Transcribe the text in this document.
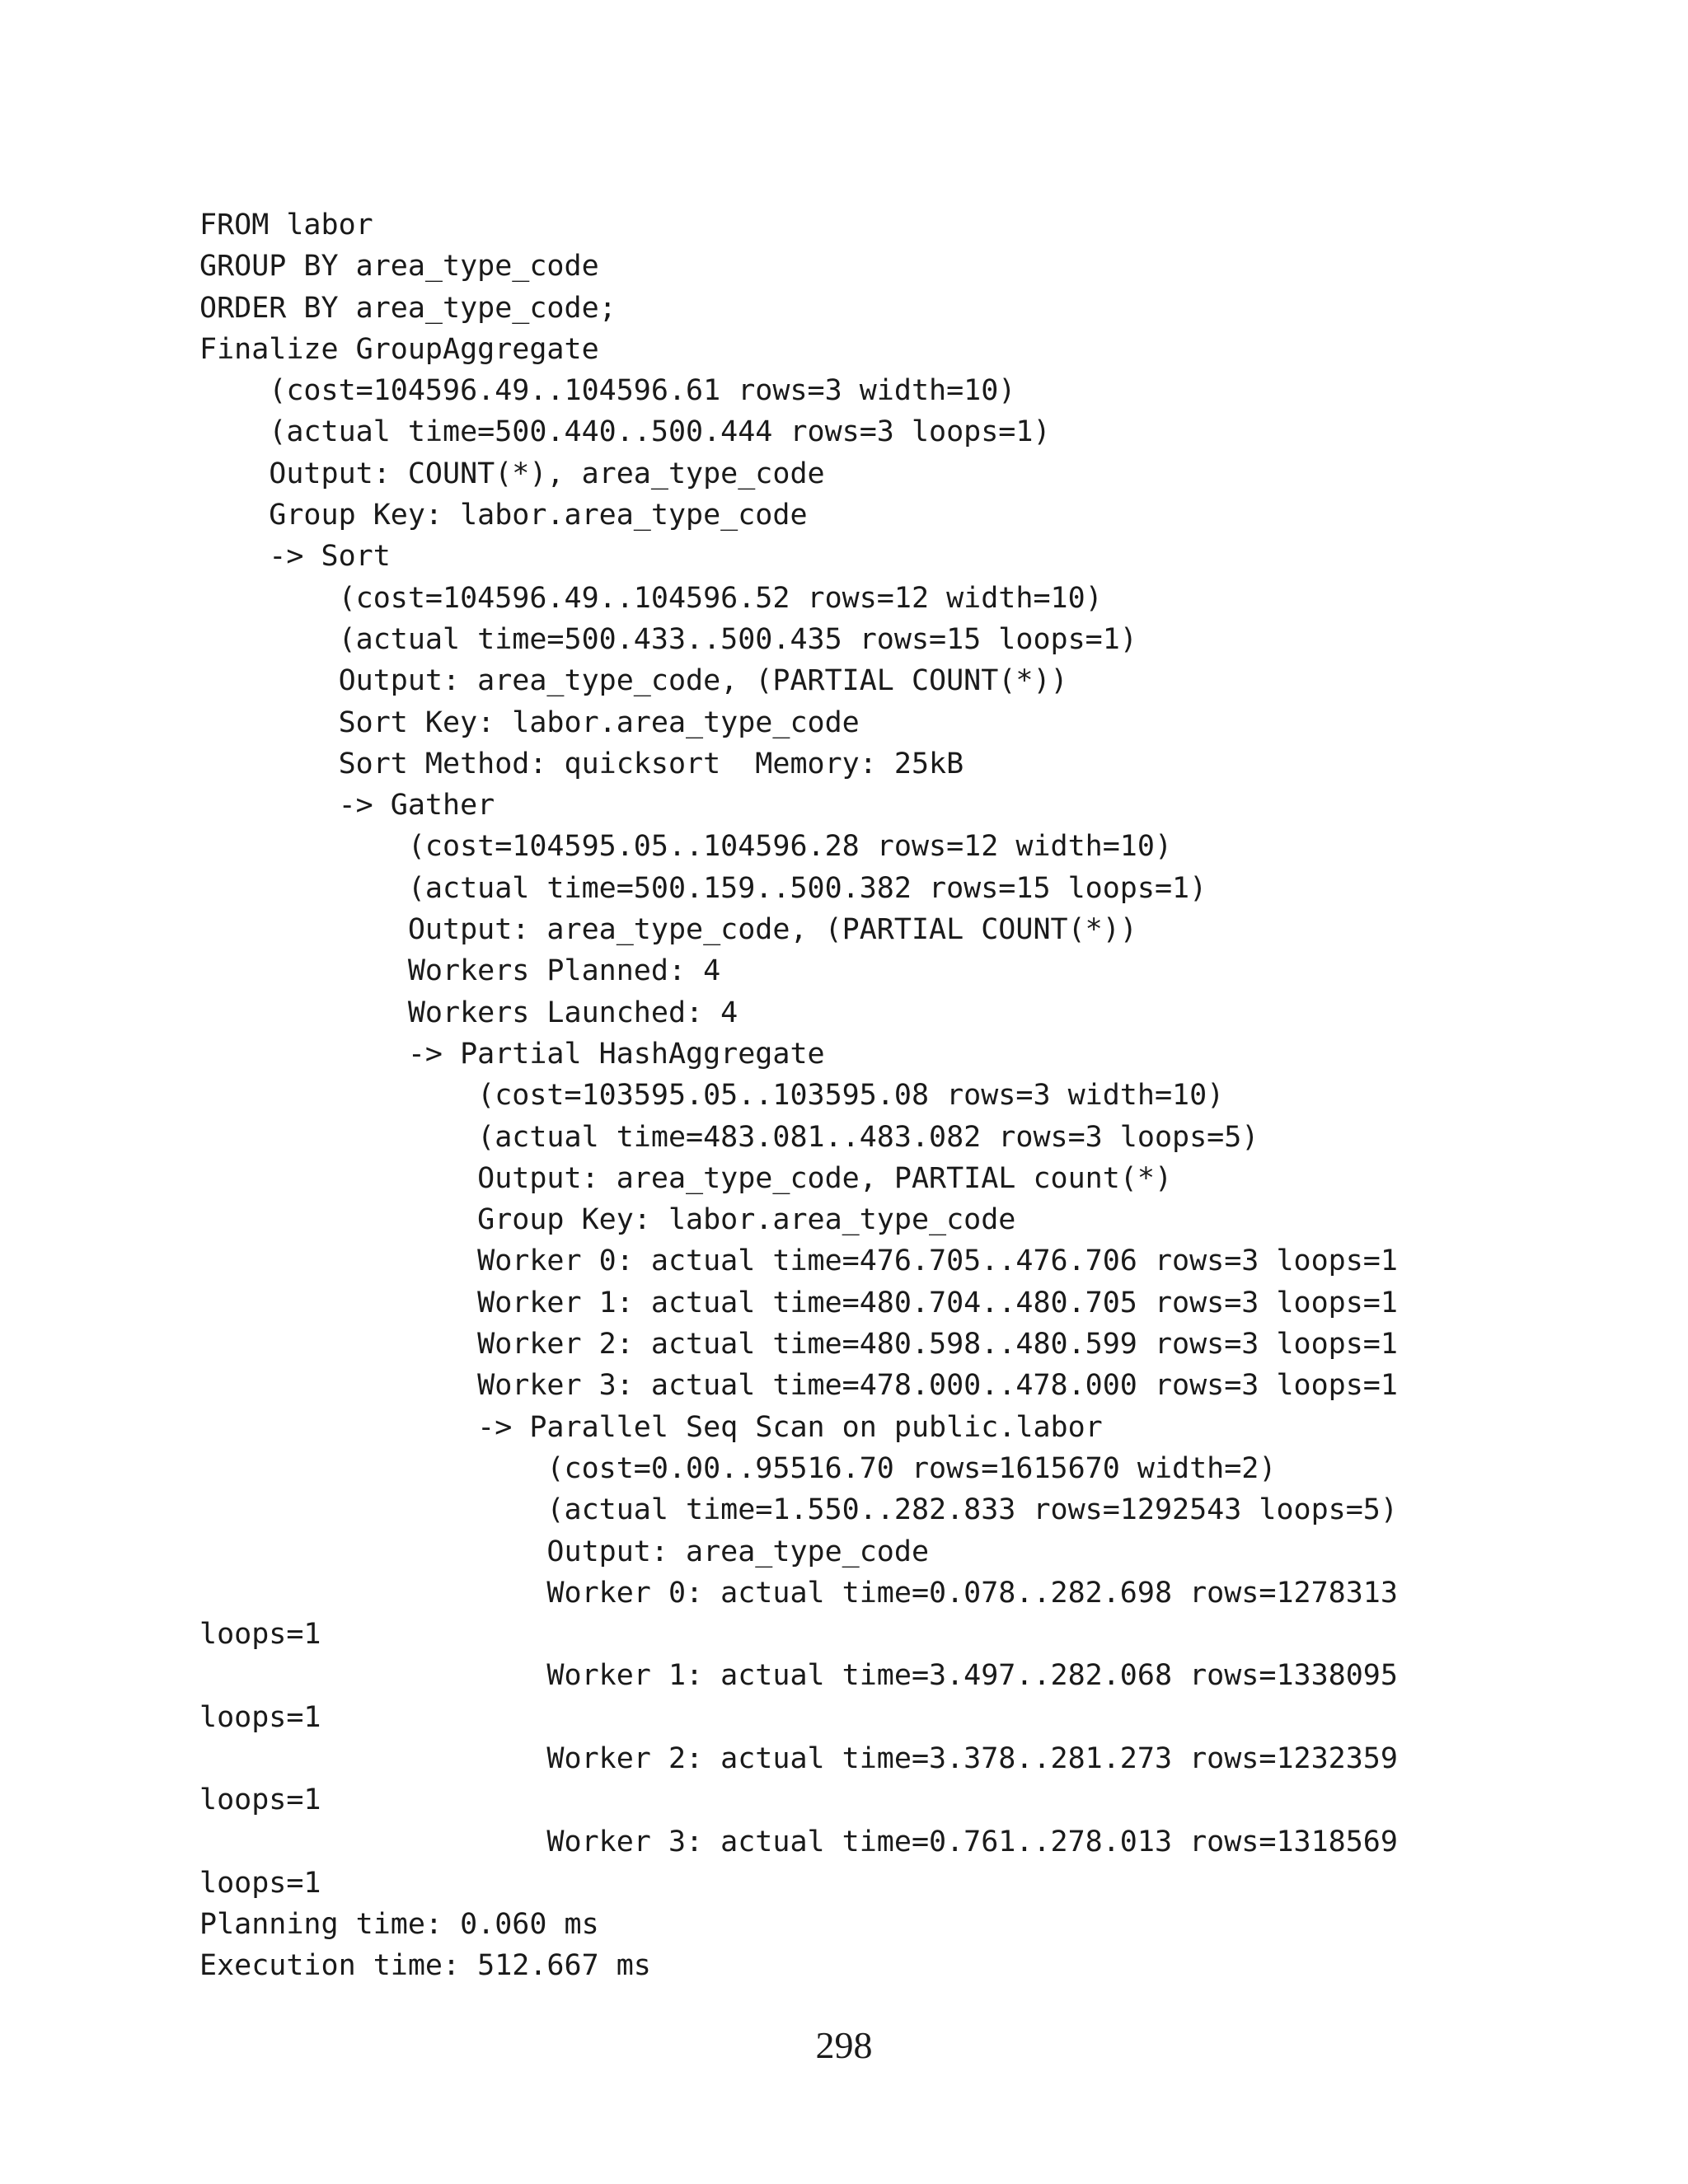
FROM labor
GROUP BY area_type_code
ORDER BY area_type_code;
Finalize GroupAggregate
(cost=104596.49..104596.61 rows=3 width=10)
(actual time=500.440..500.444 rows=3 loops=1)
Output: COUNT(*), area_type_code
Group Key: labor.area_type_code
-> Sort
(cost=104596.49..104596.52 rows=12 width=10)
(actual time=500.433..500.435 rows=15 loops=1)
Output: area_type_code, (PARTIAL COUNT(*))
Sort Key: labor.area_type_code
Sort Method: quicksort  Memory: 25kB
-> Gather
(cost=104595.05..104596.28 rows=12 width=10)
(actual time=500.159..500.382 rows=15 loops=1)
Output: area_type_code, (PARTIAL COUNT(*))
Workers Planned: 4
Workers Launched: 4
-> Partial HashAggregate
(cost=103595.05..103595.08 rows=3 width=10)
(actual time=483.081..483.082 rows=3 loops=5)
Output: area_type_code, PARTIAL count(*)
Group Key: labor.area_type_code
Worker 0: actual time=476.705..476.706 rows=3 loops=1
Worker 1: actual time=480.704..480.705 rows=3 loops=1
Worker 2: actual time=480.598..480.599 rows=3 loops=1
Worker 3: actual time=478.000..478.000 rows=3 loops=1
-> Parallel Seq Scan on public.labor
(cost=0.00..95516.70 rows=1615670 width=2)
(actual time=1.550..282.833 rows=1292543 loops=5)
Output: area_type_code
Worker 0: actual time=0.078..282.698 rows=1278313
loops=1
Worker 1: actual time=3.497..282.068 rows=1338095
loops=1
Worker 2: actual time=3.378..281.273 rows=1232359
loops=1
Worker 3: actual time=0.761..278.013 rows=1318569
loops=1
Planning time: 0.060 ms
Execution time: 512.667 ms
298
